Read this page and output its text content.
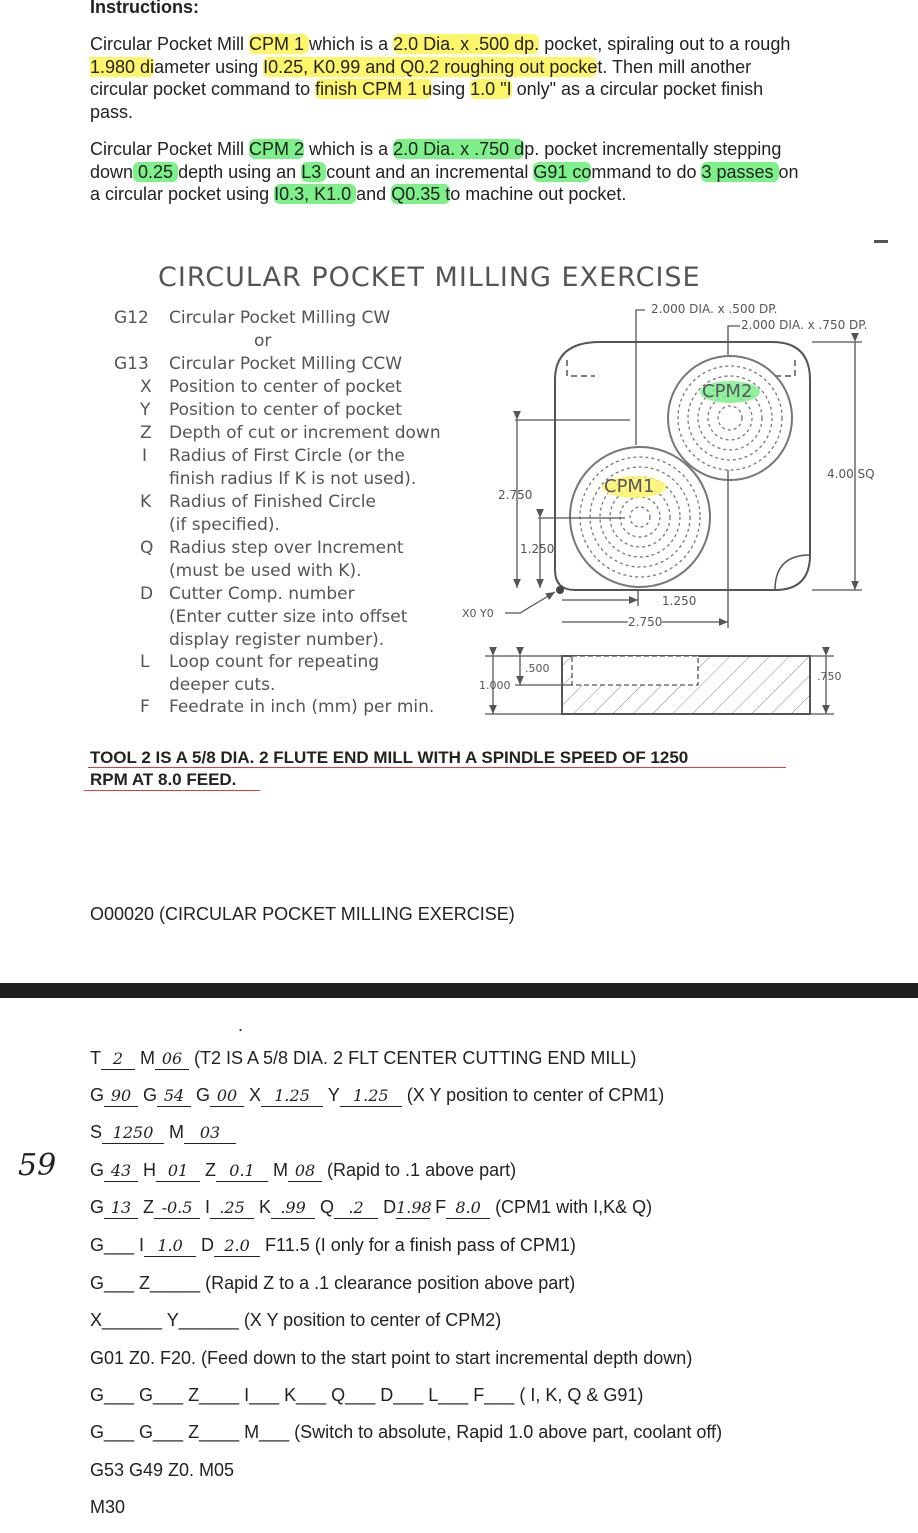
Instructions:
Circular Pocket Mill CPM 1 which is a 2.0 Dia. x .500 dp. pocket, spiraling out to a rough 1.980 diameter using I0.25, K0.99 and Q0.2 roughing out pocket. Then mill another circular pocket command to finish CPM 1 using 1.0 "I only" as a circular pocket finish pass.
Circular Pocket Mill CPM 2 which is a 2.0 Dia. x .750 dp. pocket incrementally stepping down 0.25 depth using an L3 count and an incremental G91 command to do 3 passes on a circular pocket using I0.3, K1.0 and Q0.35 to machine out pocket.
CIRCULAR POCKET MILLING EXERCISE
G12 Circular Pocket Milling CW
or
G13 Circular Pocket Milling CCW
X Position to center of pocket
Y Position to center of pocket
Z Depth of cut or increment down
I Radius of First Circle (or the
finish radius If K is not used).
K Radius of Finished Circle
(if specified).
Q Radius step over Increment
(must be used with K).
D Cutter Comp. number
(Enter cutter size into offset
display register number).
L Loop count for repeating
deeper cuts.
F Feedrate in inch (mm) per min.
2.000 DIA. x .500 DP.
2.000 DIA. x .750 DP.
CPM1
CPM2
2.750
1.250
1.250
2.750
4.00 SQ
X0 Y0
.500
1.000
.750
TOOL 2 IS A 5/8 DIA. 2 FLUTE END MILL WITH A SPINDLE SPEED OF 1250
RPM AT 8.0 FEED.
O00020 (CIRCULAR POCKET MILLING EXERCISE)
.
59
T 2 M 06 (T2 IS A 5/8 DIA. 2 FLT CENTER CUTTING END MILL)
G 90 G 54 G 00 X 1.25 Y 1.25 (X Y position to center of CPM1)
S 1250 M 03
G 43 H 01 Z 0.1 M 08 (Rapid to .1 above part)
G 13 Z -0.5 I .25 K .99 Q .2 D1.98 F 8.0 (CPM1 with I,K& Q)
G___ I 1.0 D 2.0 F11.5 (I only for a finish pass of CPM1)
G___ Z_____ (Rapid Z to a .1 clearance position above part)
X______ Y______ (X Y position to center of CPM2)
G01 Z0. F20. (Feed down to the start point to start incremental depth down)
G___ G___ Z____ I___ K___ Q___ D___ L___ F___ ( I, K, Q & G91)
G___ G___ Z____ M___ (Switch to absolute, Rapid 1.0 above part, coolant off)
G53 G49 Z0. M05
M30
